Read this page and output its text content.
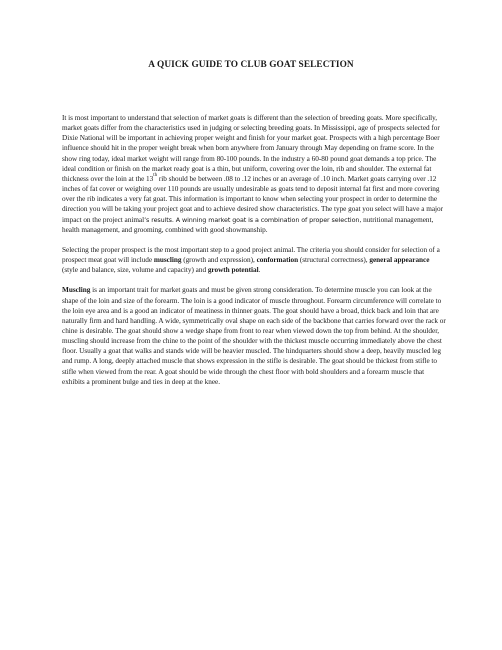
A QUICK GUIDE TO CLUB GOAT SELECTION

It is most important to understand that selection of market goats is different than the selection of breeding goats. More specifically, market goats differ from the characteristics used in judging or selecting breeding goats. In Mississippi, age of prospects selected for Dixie National will be important in achieving proper weight and finish for your market goat. Prospects with a high percentage Boer influence should hit in the proper weight break when born anywhere from January through May depending on frame score. In the show ring today, ideal market weight will range from 80-100 pounds. In the industry a 60-80 pound goat demands a top price. The ideal condition or finish on the market ready goat is a thin, but uniform, covering over the loin, rib and shoulder. The external fat thickness over the loin at the 13th rib should be between .08 to .12 inches or an average of .10 inch. Market goats carrying over .12 inches of fat cover or weighing over 110 pounds are usually undesirable as goats tend to deposit internal fat first and more covering over the rib indicates a very fat goat. This information is important to know when selecting your prospect in order to determine the direction you will be taking your project goat and to achieve desired show characteristics. The type goat you select will have a major impact on the project animal’s results. A winning market goat is a combination of proper selection, nutritional management, health management, and grooming, combined with good showmanship.

Selecting the proper prospect is the most important step to a good project animal. The criteria you should consider for selection of a prospect meat goat will include muscling (growth and expression), conformation (structural correctness), general appearance (style and balance, size, volume and capacity) and growth potential.

Muscling is an important trait for market goats and must be given strong consideration. To determine muscle you can look at the shape of the loin and size of the forearm. The loin is a good indicator of muscle throughout. Forearm circumference will correlate to the loin eye area and is a good an indicator of meatiness in thinner goats. The goat should have a broad, thick back and loin that are naturally firm and hard handling. A wide, symmetrically oval shape on each side of the backbone that carries forward over the rack or chine is desirable. The goat should show a wedge shape from front to rear when viewed down the top from behind. At the shoulder, muscling should increase from the chine to the point of the shoulder with the thickest muscle occurring immediately above the chest floor. Usually a goat that walks and stands wide will be heavier muscled. The hindquarters should show a deep, heavily muscled leg and rump. A long, deeply attached muscle that shows expression in the stifle is desirable. The goat should be thickest from stifle to stifle when viewed from the rear. A goat should be wide through the chest floor with bold shoulders and a forearm muscle that exhibits a prominent bulge and ties in deep at the knee.
